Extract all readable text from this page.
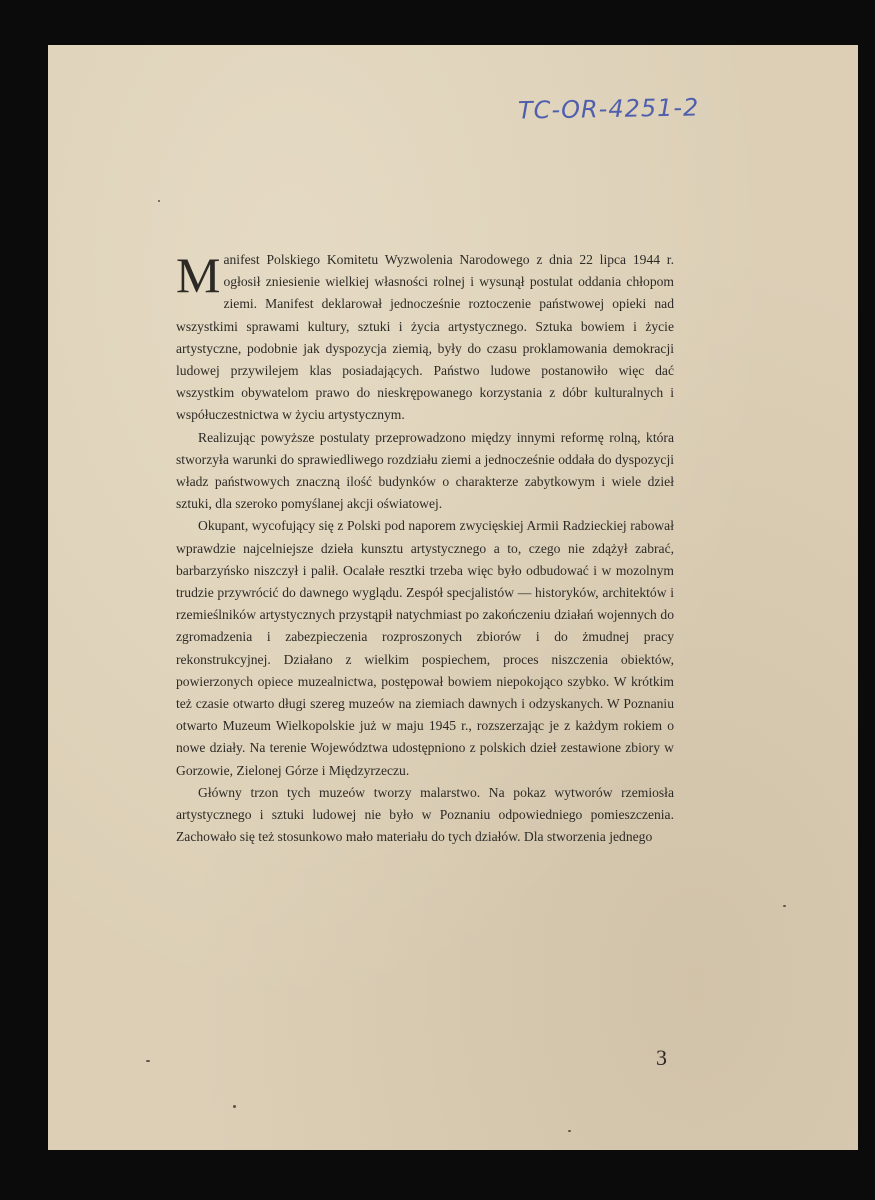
TC-OR-4251-2

Manifest Polskiego Komitetu Wyzwolenia Narodowego z dnia 22 lipca 1944 r. ogłosił zniesienie wielkiej własności rolnej i wysunął postulat oddania chłopom ziemi. Manifest deklarował jednocześnie roztoczenie państwowej opieki nad wszystkimi sprawami kultury, sztuki i życia artystycznego. Sztuka bowiem i życie artystyczne, podobnie jak dyspozycja ziemią, były do czasu proklamowania demokracji ludowej przywilejem klas posiadających. Państwo ludowe postanowiło więc dać wszystkim obywatelom prawo do nieskrępowanego korzystania z dóbr kulturalnych i współuczestnictwa w życiu artystycznym.

Realizując powyższe postulaty przeprowadzono między innymi reformę rolną, która stworzyła warunki do sprawiedliwego rozdziału ziemi a jednocześnie oddała do dyspozycji władz państwowych znaczną ilość budynków o charakterze zabytkowym i wiele dzieł sztuki, dla szeroko pomyślanej akcji oświatowej.

Okupant, wycofujący się z Polski pod naporem zwycięskiej Armii Radzieckiej rabował wprawdzie najcelniejsze dzieła kunsztu artystycznego a to, czego nie zdążył zabrać, barbarzyńsko niszczył i palił. Ocalałe resztki trzeba więc było odbudować i w mozolnym trudzie przywrócić do dawnego wyglądu. Zespół specjalistów — historyków, architektów i rzemieślników artystycznych przystąpił natychmiast po zakończeniu działań wojennych do zgromadzenia i zabezpieczenia rozproszonych zbiorów i do żmudnej pracy rekonstrukcyjnej. Działano z wielkim pospiechem, proces niszczenia obiektów, powierzonych opiece muzealnictwa, postępował bowiem niepokojąco szybko. W krótkim też czasie otwarto długi szereg muzeów na ziemiach dawnych i odzyskanych. W Poznaniu otwarto Muzeum Wielkopolskie już w maju 1945 r., rozszerzając je z każdym rokiem o nowe działy. Na terenie Województwa udostępniono z polskich dzieł zestawione zbiory w Gorzowie, Zielonej Górze i Międzyrzeczu.

Główny trzon tych muzeów tworzy malarstwo. Na pokaz wytworów rzemiosła artystycznego i sztuki ludowej nie było w Poznaniu odpowiedniego pomieszczenia. Zachowało się też stosunkowo mało materiału do tych działów. Dla stworzenia jednego

3
